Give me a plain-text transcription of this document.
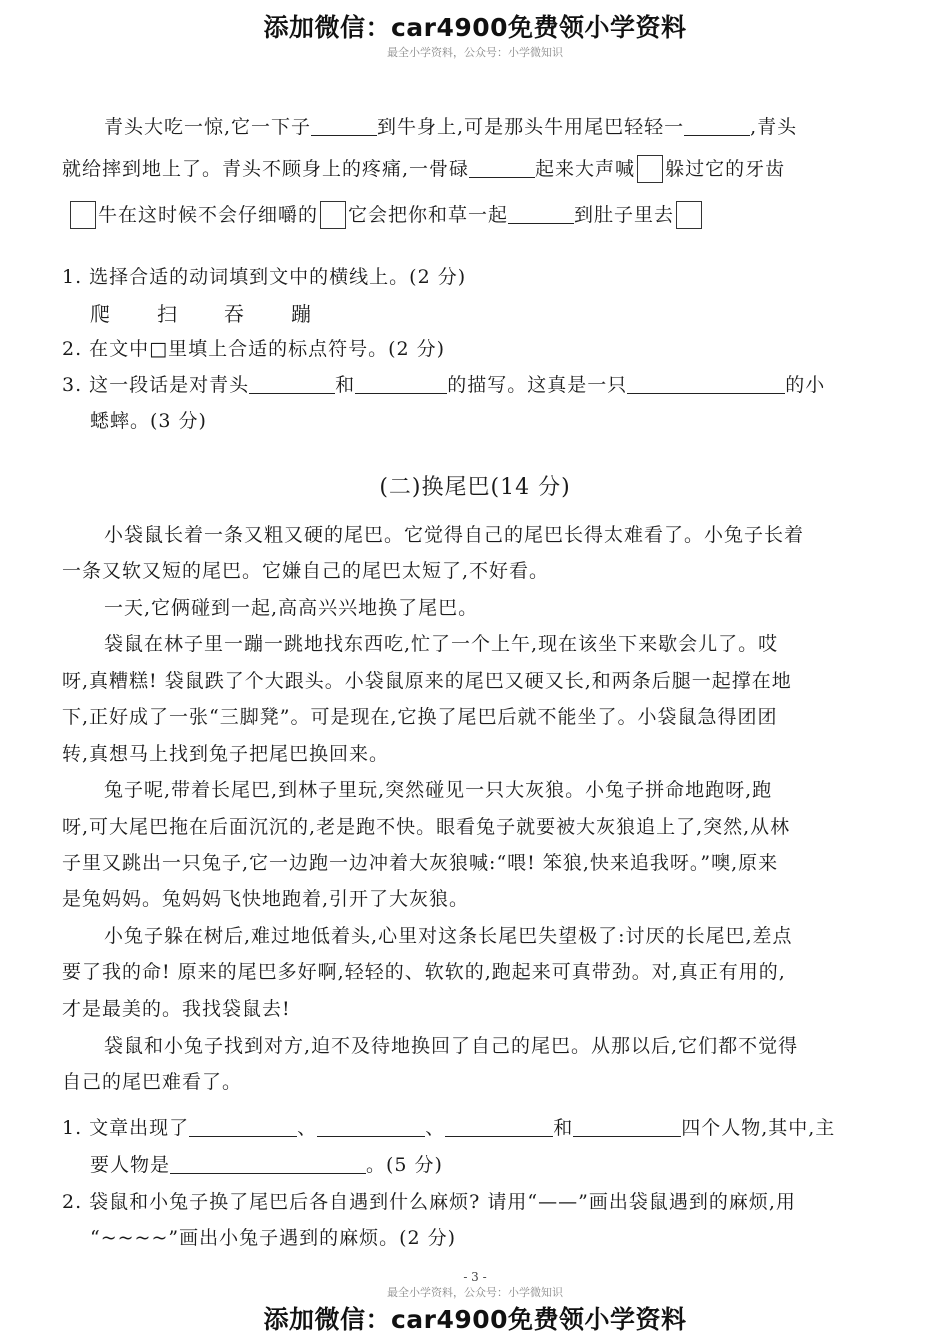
添加微信：car4900免费领小学资料
最全小学资料，公众号：小学微知识
青头大吃一惊,它一下子	到牛身上,可是那头牛用尾巴轻轻一	,青头
就给摔到地上了。青头不顾身上的疼痛,一骨碌	起来大声喊 躲过它的牙齿
牛在这时候不会仔细嚼的 它会把你和草一起	到肚子里去
1. 选择合适的动词填到文中的横线上。(2 分)
爬 扫 吞 蹦
2. 在文中□里填上合适的标点符号。(2 分)
3. 这一段话是对青头	和	的描写。这真是一只	的小
蟋蟀。(3 分)
(二)换尾巴(14 分)
小袋鼠长着一条又粗又硬的尾巴。它觉得自己的尾巴长得太难看了。小兔子长着
一条又软又短的尾巴。它嫌自己的尾巴太短了,不好看。
一天,它俩碰到一起,高高兴兴地换了尾巴。
袋鼠在林子里一蹦一跳地找东西吃,忙了一个上午,现在该坐下来歇会儿了。哎
呀,真糟糕! 袋鼠跌了个大跟头。小袋鼠原来的尾巴又硬又长,和两条后腿一起撑在地
下,正好成了一张“三脚凳”。可是现在,它换了尾巴后就不能坐了。小袋鼠急得团团
转,真想马上找到兔子把尾巴换回来。
兔子呢,带着长尾巴,到林子里玩,突然碰见一只大灰狼。小兔子拼命地跑呀,跑
呀,可大尾巴拖在后面沉沉的,老是跑不快。眼看兔子就要被大灰狼追上了,突然,从林
子里又跳出一只兔子,它一边跑一边冲着大灰狼喊:“喂! 笨狼,快来追我呀。”噢,原来
是兔妈妈。兔妈妈飞快地跑着,引开了大灰狼。
小兔子躲在树后,难过地低着头,心里对这条长尾巴失望极了:讨厌的长尾巴,差点
要了我的命! 原来的尾巴多好啊,轻轻的、软软的,跑起来可真带劲。对,真正有用的,
才是最美的。我找袋鼠去!
袋鼠和小兔子找到对方,迫不及待地换回了自己的尾巴。从那以后,它们都不觉得
自己的尾巴难看了。
1. 文章出现了	、	、	和	四个人物,其中,主
要人物是	。(5 分)
2. 袋鼠和小兔子换了尾巴后各自遇到什么麻烦? 请用“——”画出袋鼠遇到的麻烦,用
“~~~~”画出小兔子遇到的麻烦。(2 分)
- 3 -
最全小学资料，公众号：小学微知识
添加微信：car4900免费领小学资料
